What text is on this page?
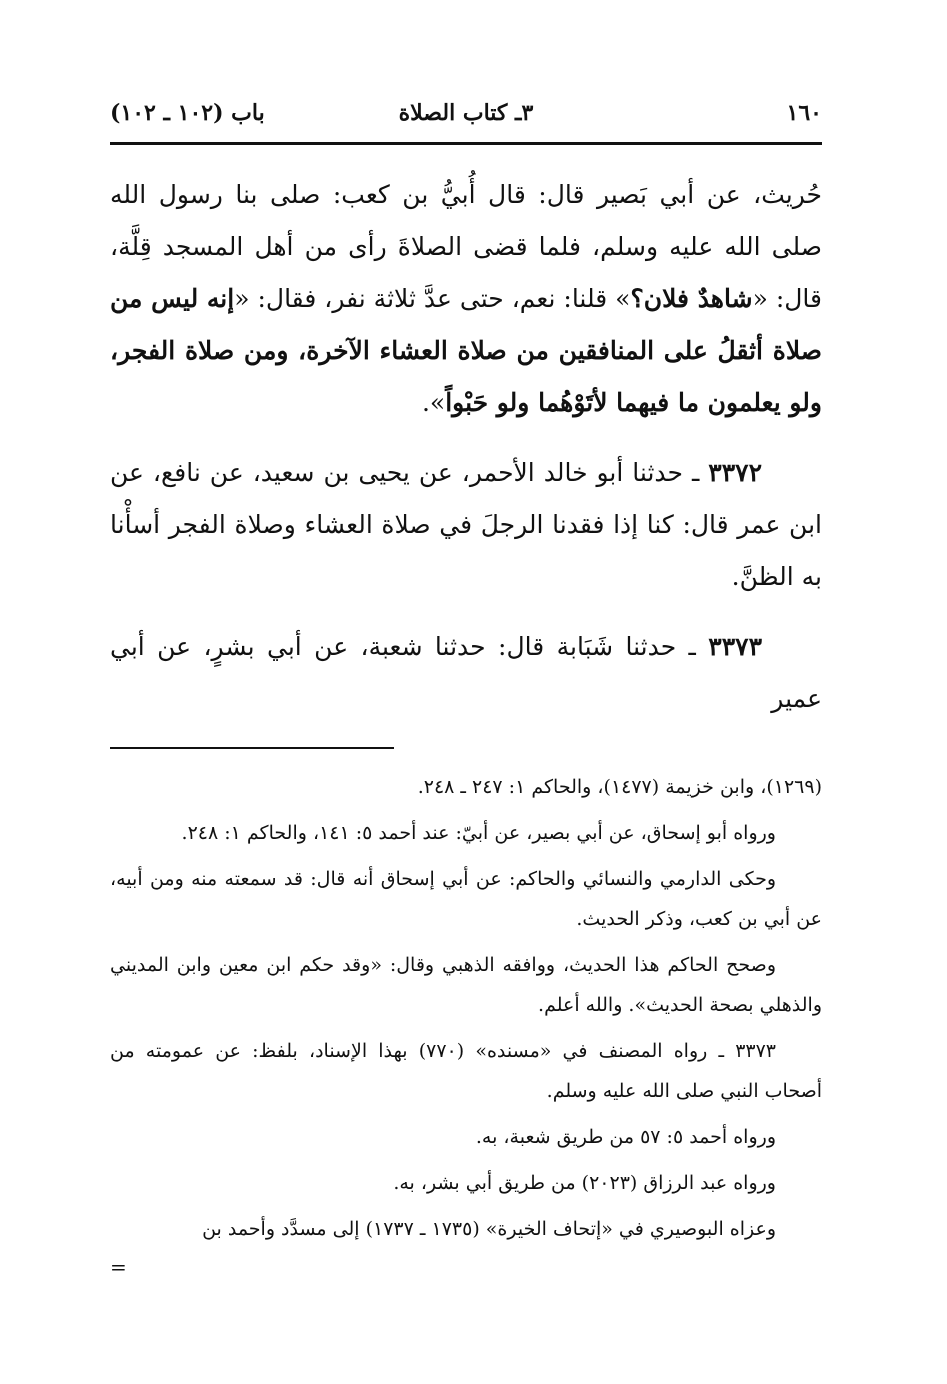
١٦٠
٣ـ كتاب الصلاة
باب (١٠٢ ـ ١٠٢)

حُريث، عن أبي بَصير قال: قال أُبيُّ بن كعب: صلى بنا رسول الله صلى الله عليه وسلم، فلما قضى الصلاةَ رأى من أهل المسجد قِلَّة، قال: «شاهدٌ فلان؟» قلنا: نعم، حتى عدَّ ثلاثة نفر، فقال: «إنه ليس من صلاة أثقلُ على المنافقين من صلاة العشاء الآخرة، ومن صلاة الفجر، ولو يعلمون ما فيهما لأتَوْهُما ولو حَبْواً».

٣٣٧٢ ـ حدثنا أبو خالد الأحمر، عن يحيى بن سعيد، عن نافع، عن ابن عمر قال: كنا إذا فقدنا الرجلَ في صلاة العشاء وصلاة الفجر أسأْنا به الظنَّ.

٣٣٧٣ ـ حدثنا شَبَابة قال: حدثنا شعبة، عن أبي بشرٍ، عن أبي عمير

(١٢٦٩)، وابن خزيمة (١٤٧٧)، والحاكم ١: ٢٤٧ ـ ٢٤٨.

ورواه أبو إسحاق، عن أبي بصير، عن أبيّ: عند أحمد ٥: ١٤١، والحاكم ١: ٢٤٨.

وحكى الدارمي والنسائي والحاكم: عن أبي إسحاق أنه قال: قد سمعته منه ومن أبيه، عن أبي بن كعب، وذكر الحديث.

وصحح الحاكم هذا الحديث، ووافقه الذهبي وقال: «وقد حكم ابن معين وابن المديني والذهلي بصحة الحديث». والله أعلم.

٣٣٧٣ ـ رواه المصنف في «مسنده» (٧٧٠) بهذا الإسناد، بلفظ: عن عمومته من أصحاب النبي صلى الله عليه وسلم.

ورواه أحمد ٥: ٥٧ من طريق شعبة، به.

ورواه عبد الرزاق (٢٠٢٣) من طريق أبي بشر، به.

وعزاه البوصيري في «إتحاف الخيرة» (١٧٣٥ ـ ١٧٣٧) إلى مسدَّد وأحمد بن

=
